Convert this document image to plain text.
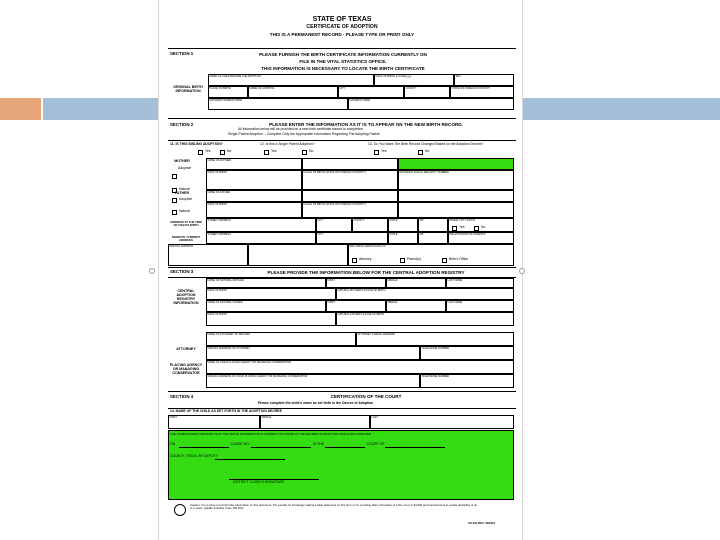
STATE OF TEXAS
CERTIFICATE OF ADOPTION
THIS IS A PERMANENT RECORD - PLEASE TYPE OR PRINT ONLY
SECTION 1	PLEASE FURNISH THE BIRTH CERTIFICATE INFORMATION CURRENTLY ON
FILE IN THE VITAL STATISTICS OFFICE.
THIS INFORMATION IS NECESSARY TO LOCATE THE BIRTH CERTIFICATE
ORIGINAL BIRTH INFORMATION
NAME OF CHILD BEFORE THE ADOPTION	DATE OF BIRTH (mm/dd/yyyy)	SEX
PLACE OF BIRTH	NAME OF HOSPITAL	CITY	COUNTY	STATE OR FOREIGN COUNTRY
MOTHER'S MAIDEN NAME	FATHER'S NAME
SECTION 2	PLEASE ENTER THE INFORMATION AS IT IS TO APPEAR ON THE NEW BIRTH RECORD.
All information below will be provided on a new birth certificate issued to completion.
Single-Parent Adoption -- Complete Only the Appropriate Information Regarding The Adopting Parent
11. IS THIS SIBLING ADOPTION?	12. Is this a Single Parent Adoption?	13. Do You Want The Birth Record Changed Based on the Adoption Decree?
Yes	No	Yes	No	Yes	No
MOTHER
Adoptive
Natural
NAME OF MOTHER
DATE OF BIRTH	PLACE OF BIRTH (STATE OR FOREIGN COUNTRY)	MOTHER'S SOCIAL SECURITY NUMBER
FATHER
Adoptive
Natural
NAME OF FATHER
DATE OF BIRTH	PLACE OF BIRTH (STATE OR FOREIGN COUNTRY)
ADDRESS AT THE TIME OF CHILD'S BIRTH
STREET ADDRESS	CITY	COUNTY	STATE	ZIP	INSIDE CITY LIMITS?
Yes	No
PARENTS' CURRENT ADDRESS
STREET ADDRESS	CITY	STATE	ZIP	RELATIONSHIP OF PARENTS
MAILING ADDRESS	MAIL BIRTH CERTIFICATE TO
Attorney	Parent(s)	Birth's Office
SECTION 3	PLEASE PROVIDE THE INFORMATION BELOW FOR THE CENTRAL ADOPTION REGISTRY
CENTRAL ADOPTION REGISTRY INFORMATION
NAME OF NATURAL MOTHER	FIRST	MIDDLE	LAST NAME
DATE OF BIRTH	NATURAL MOTHER'S PLACE OF BIRTH
NAME OF NATURAL FATHER	FIRST	MIDDLE	LAST NAME
DATE OF BIRTH	NATURAL FATHER'S PLACE OF BIRTH
ATTORNEY
NAME OF ATTORNEY OF RECORD	ATTORNEY'S EMAIL ADDRESS
MAILING ADDRESS OF ATTORNEY	TELEPHONE NUMBER
PLACING AGENCY OR MANAGING CONSERVATOR
NAME OF CHILD PLACING AGENCY OR MANAGING CONSERVATOR
MAILING ADDRESS OF CHILD PLACING AGENCY OR MANAGING CONSERVATOR	TELEPHONE NUMBER
SECTION 4	CERTIFICATION OF THE COURT
Please complete the child's name as set forth in the Decree of Adoption
14. NAME OF THE CHILD AS SET FORTH IN THE ADOPTION DECREE
FIRST	MIDDLE	LAST
THE UNDERSIGNED CERTIFIES THAT THE ABOVE INFORMATION IS CORRECT AS STATED IN THE DECREE OF ADOPTION WHICH WAS GRANTED
ON	CAUSE NO.	IN THE	COURT OF
COUNTY, TEXAS, BY DEPUTY
DISTRICT CLERK'S SIGNATURE
Caution: It is a crime to furnish false information on this document. The penalty for knowingly making a false statement on this form or for providing false information is a fine of up to $4,000 and imprisonment in a state jail facility of up to 2 years. (Health & Safety Code 195.003)
VS-163 REV. 02/2021
